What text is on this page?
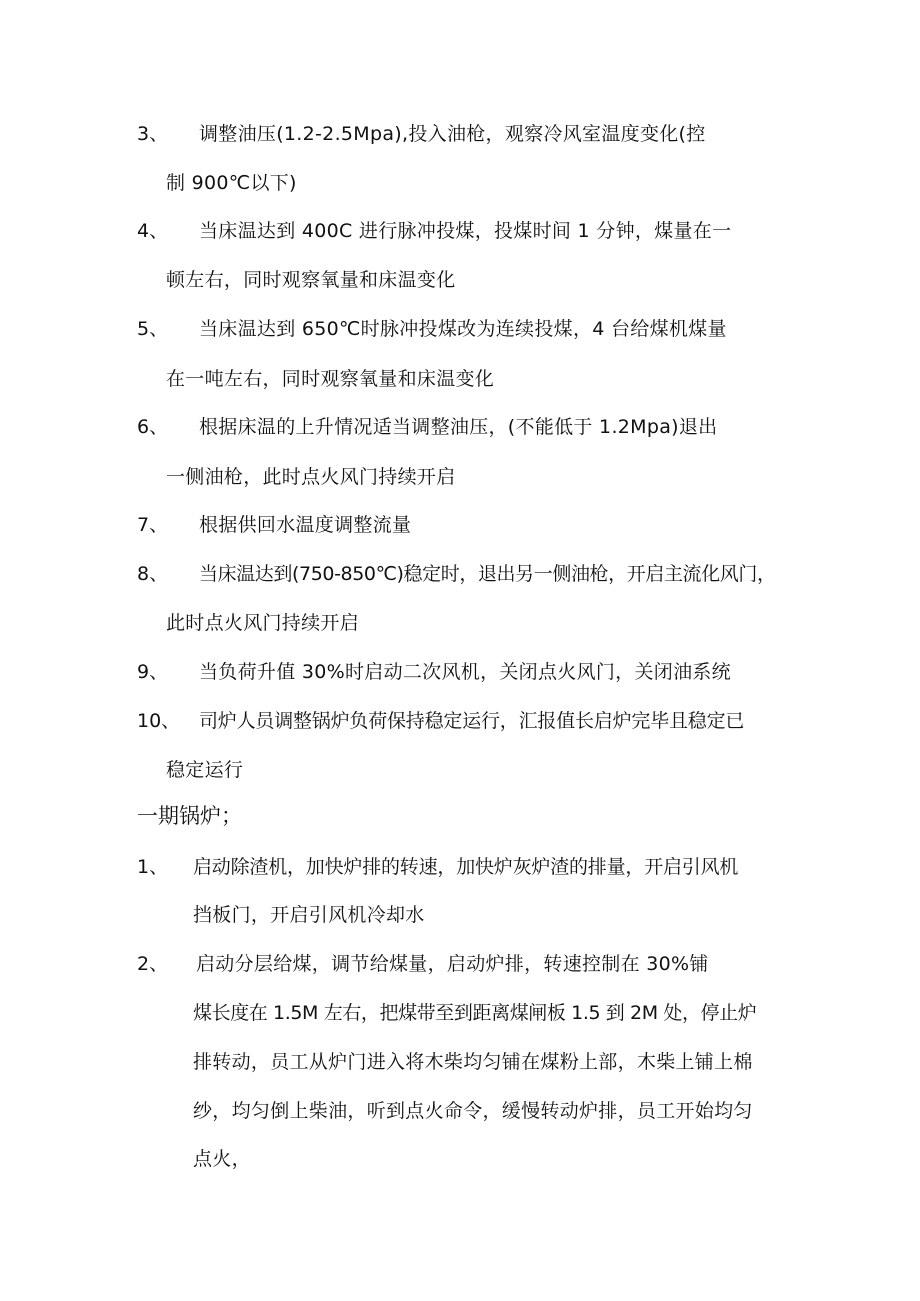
3、 调整油压(1.2-2.5Mpa),投入油枪，观察冷风室温度变化(控
制 900℃以下)
4、 当床温达到 400C 进行脉冲投煤，投煤时间 1 分钟，煤量在一
顿左右，同时观察氧量和床温变化
5、 当床温达到 650℃时脉冲投煤改为连续投煤，4 台给煤机煤量
在一吨左右，同时观察氧量和床温变化
6、 根据床温的上升情况适当调整油压，(不能低于 1.2Mpa)退出
一侧油枪，此时点火风门持续开启
7、 根据供回水温度调整流量
8、 当床温达到(750-850℃)稳定时，退出另一侧油枪，开启主流化风门，
此时点火风门持续开启
9、 当负荷升值 30%时启动二次风机，关闭点火风门，关闭油系统
10、 司炉人员调整锅炉负荷保持稳定运行，汇报值长启炉完毕且稳定已
稳定运行
一期锅炉；
1、 启动除渣机，加快炉排的转速，加快炉灰炉渣的排量，开启引风机
挡板门，开启引风机冷却水
2、 启动分层给煤，调节给煤量，启动炉排，转速控制在 30%铺
煤长度在 1.5M 左右，把煤带至到距离煤闸板 1.5 到 2M 处，停止炉
排转动，员工从炉门进入将木柴均匀铺在煤粉上部，木柴上铺上棉
纱，均匀倒上柴油，听到点火命令，缓慢转动炉排，员工开始均匀
点火，
